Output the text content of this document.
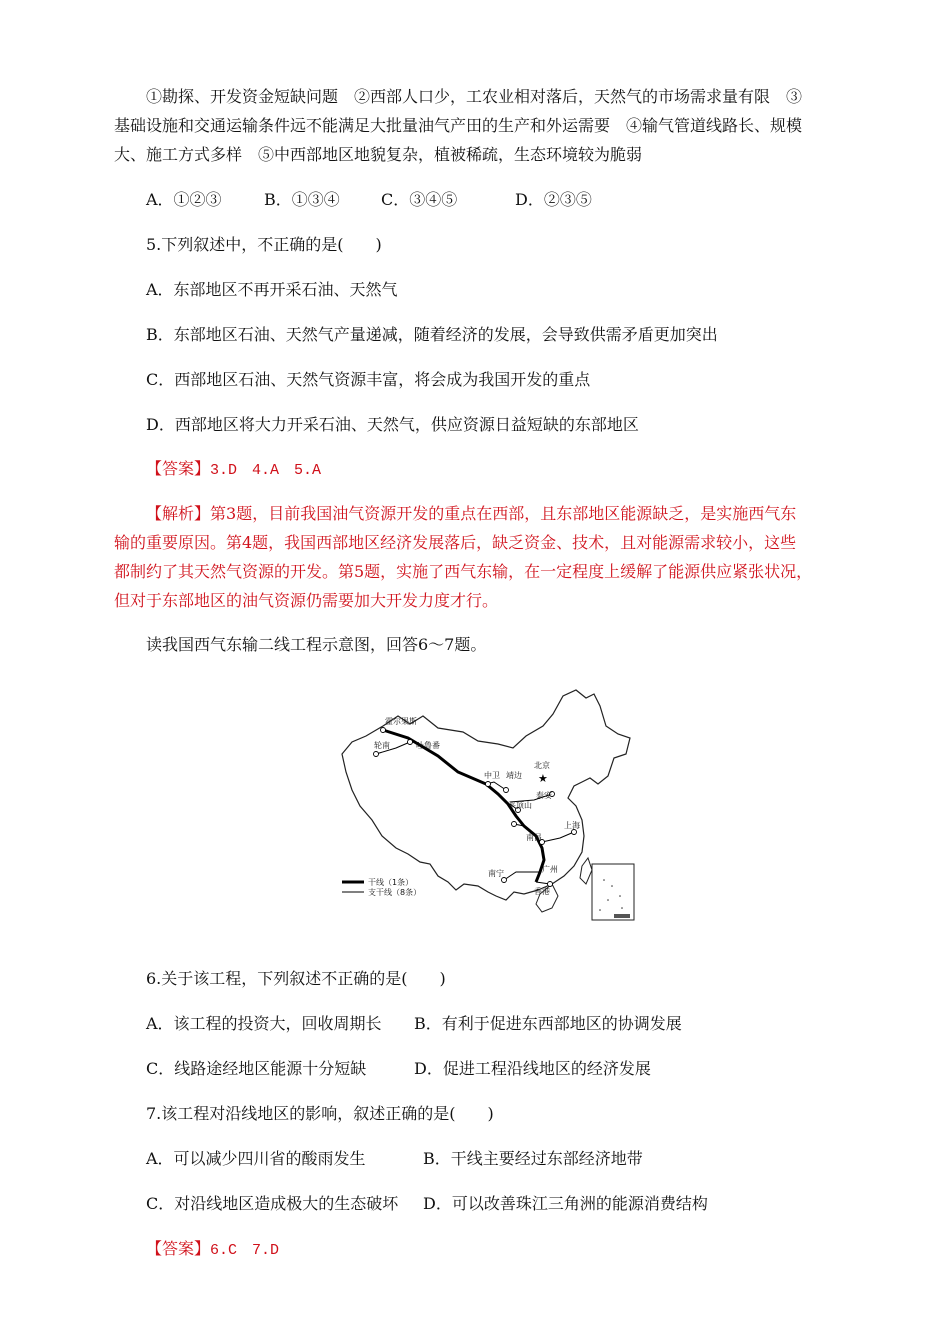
①勘探、开发资金短缺问题　②西部人口少，工农业相对落后，天然气的市场需求量有限　③
基础设施和交通运输条件远不能满足大批量油气产田的生产和外运需要　④输气管道线路长、规模
大、施工方式多样　⑤中西部地区地貌复杂，植被稀疏，生态环境较为脆弱
A．①②③	B．①③④	C．③④⑤	D．②③⑤
5.下列叙述中，不正确的是(　　)
A．东部地区不再开采石油、天然气
B．东部地区石油、天然气产量递减，随着经济的发展，会导致供需矛盾更加突出
C．西部地区石油、天然气资源丰富，将会成为我国开发的重点
D．西部地区将大力开采石油、天然气，供应资源日益短缺的东部地区
【答案】3.D　4.A　5.A
【解析】第3题，目前我国油气资源开发的重点在西部，且东部地区能源缺乏，是实施西气东
输的重要原因。第4题，我国西部地区经济发展落后，缺乏资金、技术，且对能源需求较小，这些
都制约了其天然气资源的开发。第5题，实施了西气东输，在一定程度上缓解了能源供应紧张状况，
但对于东部地区的油气资源仍需要加大开发力度才行。
读我国西气东输二线工程示意图，回答6～7题。
★
霍尔果斯
轮南	吐鲁番
中卫 靖边
北京
泰安
平顶山
南昌
上海
广州
南宁
香港
干线（1条）
支干线（8条）
6.关于该工程，下列叙述不正确的是(　　)
A．该工程的投资大，回收周期长 B．有利于促进东西部地区的协调发展
C．线路途经地区能源十分短缺	D．促进工程沿线地区的经济发展
7.该工程对沿线地区的影响，叙述正确的是(　　)
A．可以减少四川省的酸雨发生	B．干线主要经过东部经济地带
C．对沿线地区造成极大的生态破坏 D．可以改善珠江三角洲的能源消费结构
【答案】6.C　7.D
